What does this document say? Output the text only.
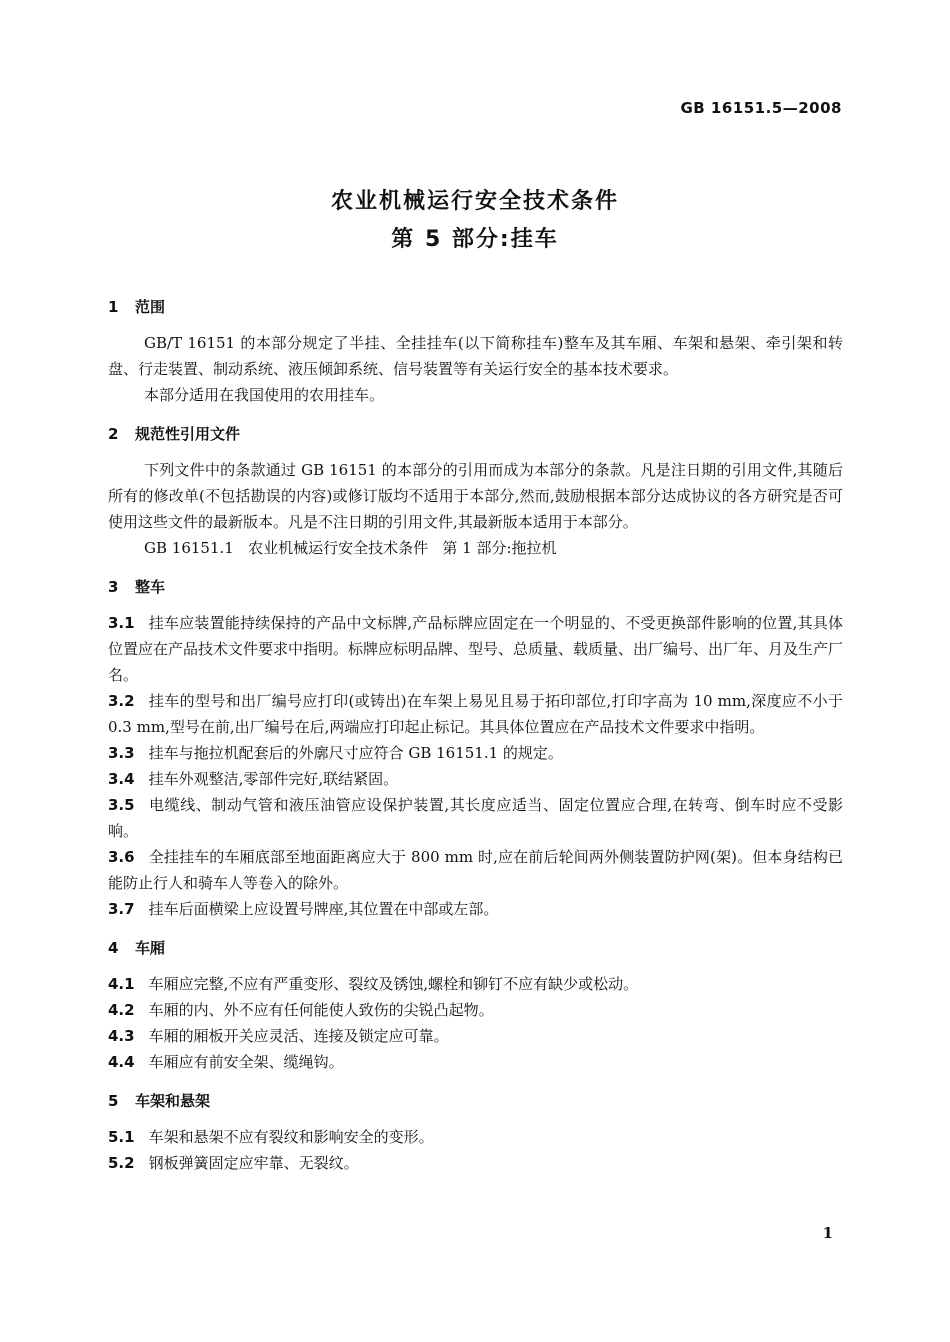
GB 16151.5—2008
农业机械运行安全技术条件
第 5 部分:挂车
1 范围

GB/T 16151 的本部分规定了半挂、全挂挂车(以下简称挂车)整车及其车厢、车架和悬架、牵引架和转盘、行走装置、制动系统、液压倾卸系统、信号装置等有关运行安全的基本技术要求。

本部分适用在我国使用的农用挂车。

2 规范性引用文件

下列文件中的条款通过 GB 16151 的本部分的引用而成为本部分的条款。凡是注日期的引用文件,其随后所有的修改单(不包括勘误的内容)或修订版均不适用于本部分,然而,鼓励根据本部分达成协议的各方研究是否可使用这些文件的最新版本。凡是不注日期的引用文件,其最新版本适用于本部分。

GB 16151.1   农业机械运行安全技术条件   第 1 部分:拖拉机

3 整车

3.1 挂车应装置能持续保持的产品中文标牌,产品标牌应固定在一个明显的、不受更换部件影响的位置,其具体位置应在产品技术文件要求中指明。标牌应标明品牌、型号、总质量、载质量、出厂编号、出厂年、月及生产厂名。

3.2 挂车的型号和出厂编号应打印(或铸出)在车架上易见且易于拓印部位,打印字高为 10 mm,深度应不小于 0.3 mm,型号在前,出厂编号在后,两端应打印起止标记。其具体位置应在产品技术文件要求中指明。

3.3 挂车与拖拉机配套后的外廓尺寸应符合 GB 16151.1 的规定。

3.4 挂车外观整洁,零部件完好,联结紧固。

3.5 电缆线、制动气管和液压油管应设保护装置,其长度应适当、固定位置应合理,在转弯、倒车时应不受影响。

3.6 全挂挂车的车厢底部至地面距离应大于 800 mm 时,应在前后轮间两外侧装置防护网(架)。但本身结构已能防止行人和骑车人等卷入的除外。

3.7 挂车后面横梁上应设置号牌座,其位置在中部或左部。

4 车厢

4.1 车厢应完整,不应有严重变形、裂纹及锈蚀,螺栓和铆钉不应有缺少或松动。

4.2 车厢的内、外不应有任何能使人致伤的尖锐凸起物。

4.3 车厢的厢板开关应灵活、连接及锁定应可靠。

4.4 车厢应有前安全架、缆绳钩。

5 车架和悬架

5.1 车架和悬架不应有裂纹和影响安全的变形。

5.2 钢板弹簧固定应牢靠、无裂纹。

1
